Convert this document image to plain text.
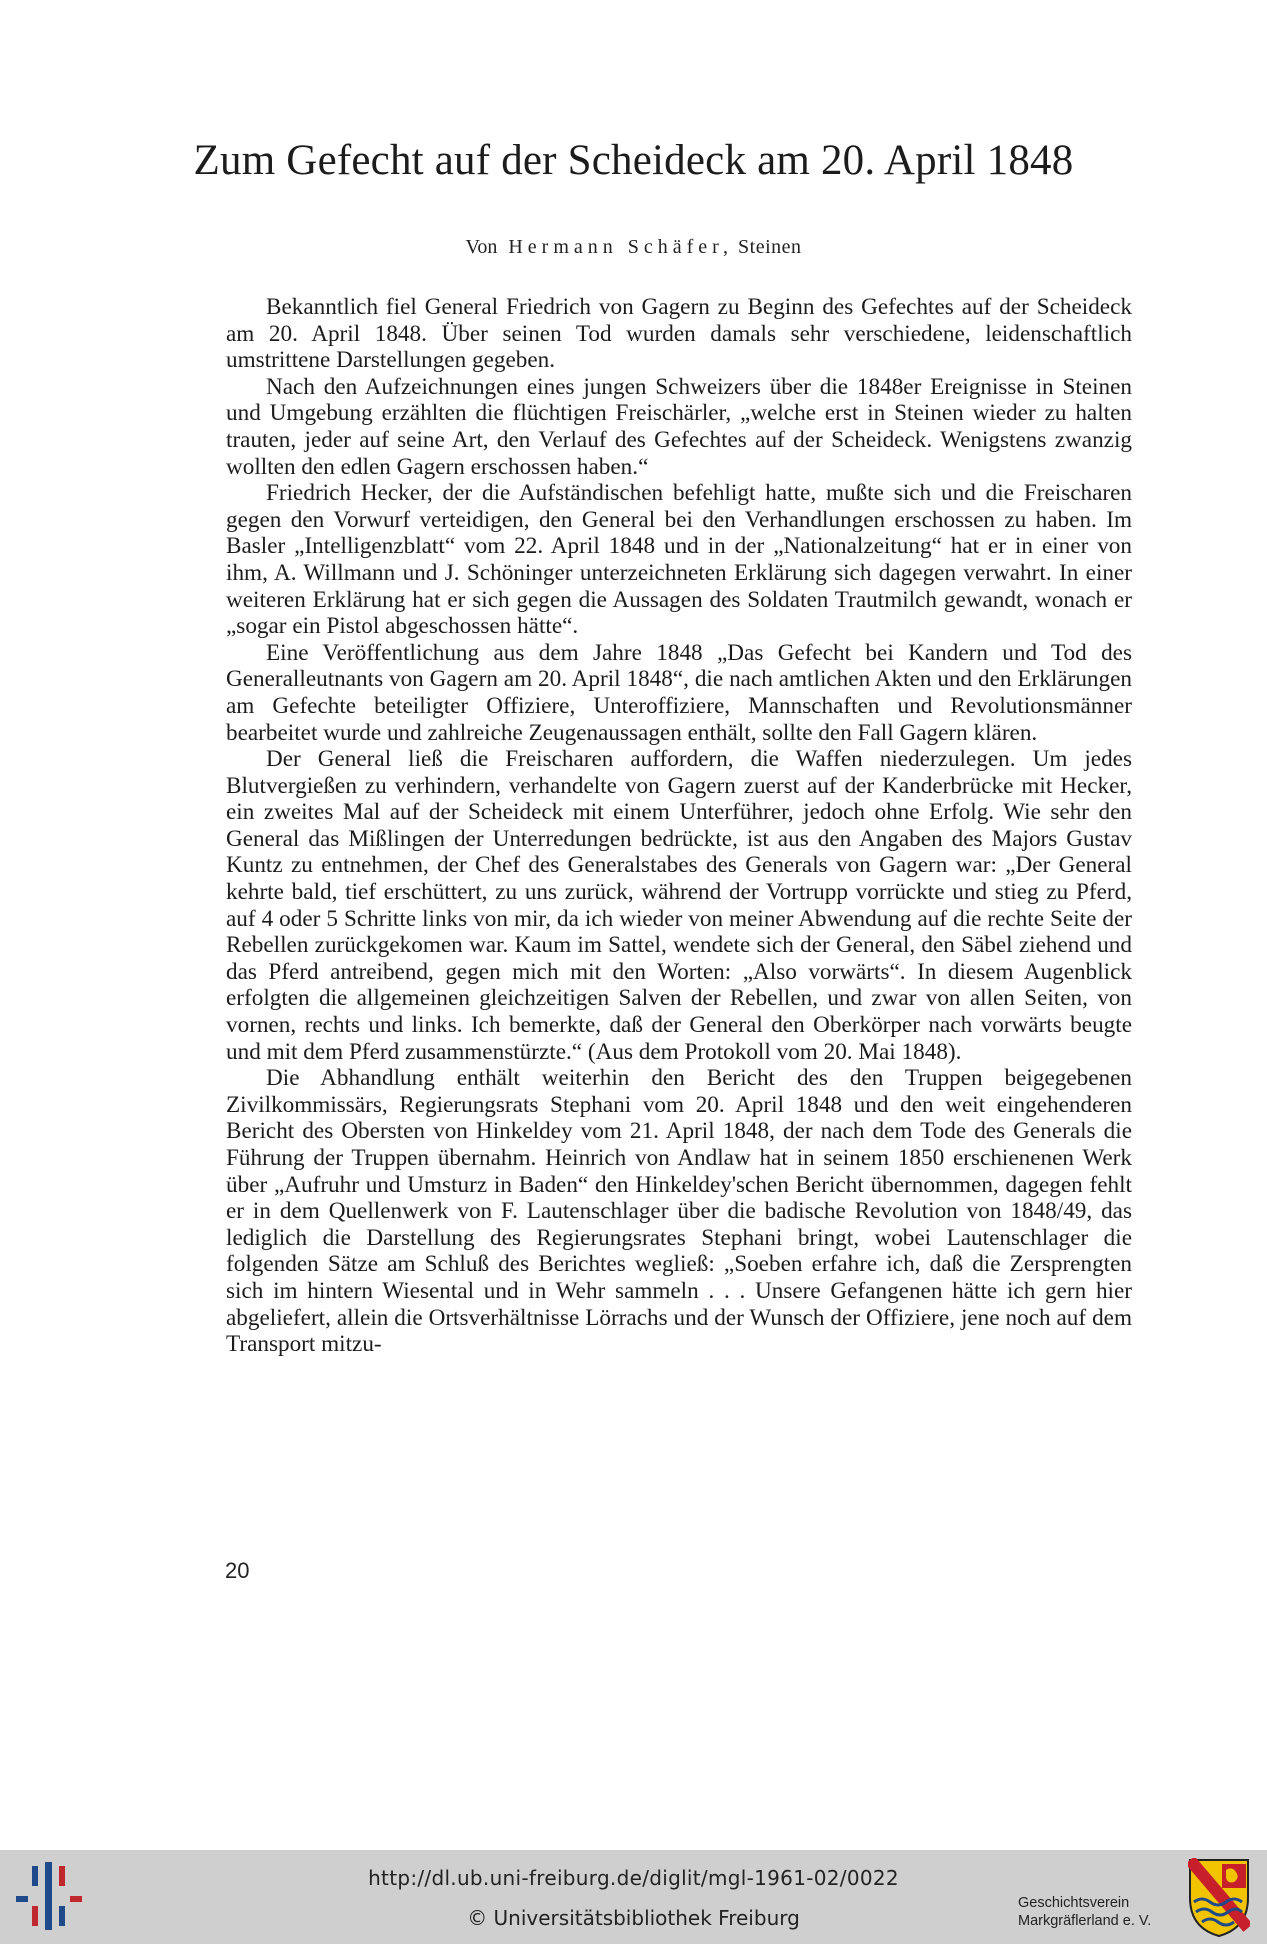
Zum Gefecht auf der Scheideck am 20. April 1848
Von Hermann Schäfer, Steinen

Bekanntlich fiel General Friedrich von Gagern zu Beginn des Gefechtes auf der Scheideck am 20. April 1848. Über seinen Tod wurden damals sehr verschiedene, leidenschaftlich umstrittene Darstellungen gegeben.

Nach den Aufzeichnungen eines jungen Schweizers über die 1848er Ereignisse in Steinen und Umgebung erzählten die flüchtigen Freischärler, „welche erst in Steinen wieder zu halten trauten, jeder auf seine Art, den Verlauf des Gefechtes auf der Scheideck. Wenigstens zwanzig wollten den edlen Gagern erschossen haben.“

Friedrich Hecker, der die Aufständischen befehligt hatte, mußte sich und die Freischaren gegen den Vorwurf verteidigen, den General bei den Verhandlungen erschossen zu haben. Im Basler „Intelligenzblatt“ vom 22. April 1848 und in der „Nationalzeitung“ hat er in einer von ihm, A. Willmann und J. Schöninger unterzeichneten Erklärung sich dagegen verwahrt. In einer weiteren Erklärung hat er sich gegen die Aussagen des Soldaten Trautmilch gewandt, wonach er „sogar ein Pistol abgeschossen hätte“.

Eine Veröffentlichung aus dem Jahre 1848 „Das Gefecht bei Kandern und Tod des Generalleutnants von Gagern am 20. April 1848“, die nach amtlichen Akten und den Erklärungen am Gefechte beteiligter Offiziere, Unteroffiziere, Mannschaften und Revolutionsmänner bearbeitet wurde und zahlreiche Zeugenaussagen enthält, sollte den Fall Gagern klären.

Der General ließ die Freischaren auffordern, die Waffen niederzulegen. Um jedes Blutvergießen zu verhindern, verhandelte von Gagern zuerst auf der Kanderbrücke mit Hecker, ein zweites Mal auf der Scheideck mit einem Unterführer, jedoch ohne Erfolg. Wie sehr den General das Mißlingen der Unterredungen bedrückte, ist aus den Angaben des Majors Gustav Kuntz zu entnehmen, der Chef des Generalstabes des Generals von Gagern war: „Der General kehrte bald, tief erschüttert, zu uns zurück, während der Vortrupp vorrückte und stieg zu Pferd, auf 4 oder 5 Schritte links von mir, da ich wieder von meiner Abwendung auf die rechte Seite der Rebellen zurückgekomen war. Kaum im Sattel, wendete sich der General, den Säbel ziehend und das Pferd antreibend, gegen mich mit den Worten: „Also vorwärts“. In diesem Augenblick erfolgten die allgemeinen gleichzeitigen Salven der Rebellen, und zwar von allen Seiten, von vornen, rechts und links. Ich bemerkte, daß der General den Oberkörper nach vorwärts beugte und mit dem Pferd zusammenstürzte.“ (Aus dem Protokoll vom 20. Mai 1848).

Die Abhandlung enthält weiterhin den Bericht des den Truppen beigegebenen Zivilkommissärs, Regierungsrats Stephani vom 20. April 1848 und den weit eingehenderen Bericht des Obersten von Hinkeldey vom 21. April 1848, der nach dem Tode des Generals die Führung der Truppen übernahm. Heinrich von Andlaw hat in seinem 1850 erschienenen Werk über „Aufruhr und Umsturz in Baden“ den Hinkeldey'schen Bericht übernommen, dagegen fehlt er in dem Quellenwerk von F. Lautenschlager über die badische Revolution von 1848/49, das lediglich die Darstellung des Regierungsrates Stephani bringt, wobei Lautenschlager die folgenden Sätze am Schluß des Berichtes wegließ: „Soeben erfahre ich, daß die Zersprengten sich im hintern Wiesental und in Wehr sammeln . . . Unsere Gefangenen hätte ich gern hier abgeliefert, allein die Ortsverhältnisse Lörrachs und der Wunsch der Offiziere, jene noch auf dem Transport mitzu-

20
http://dl.ub.uni-freiburg.de/diglit/mgl-1961-02/0022
© Universitätsbibliothek Freiburg
Geschichtsverein
Markgräflerland e. V.
